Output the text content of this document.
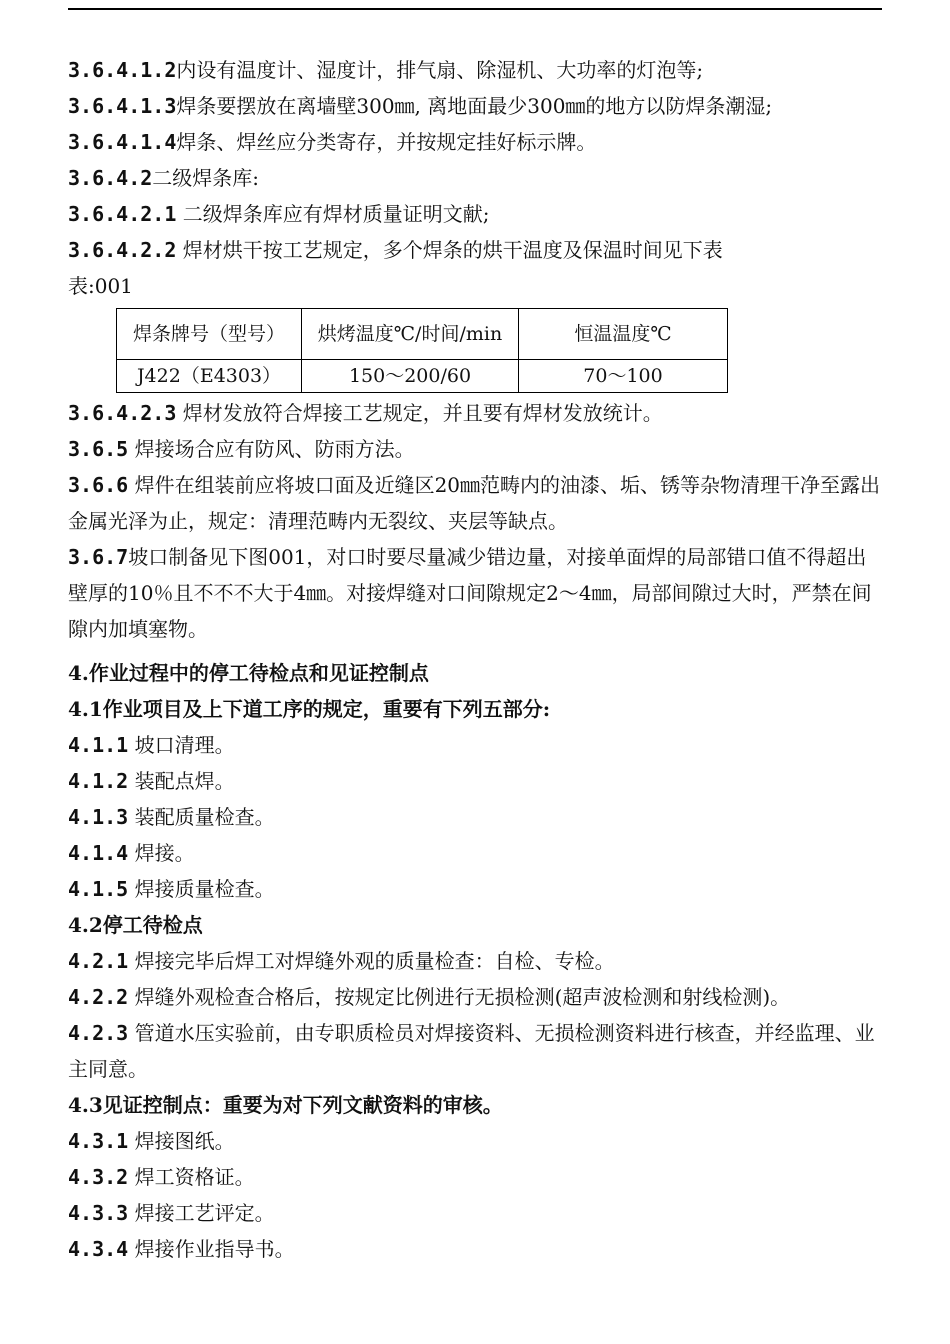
3.6.4.1.2内设有温度计、湿度计，排气扇、除湿机、大功率的灯泡等;
3.6.4.1.3焊条要摆放在离墙壁300㎜, 离地面最少300㎜的地方以防焊条潮湿;
3.6.4.1.4焊条、焊丝应分类寄存，并按规定挂好标示牌。
3.6.4.2二级焊条库:
3.6.4.2.1 二级焊条库应有焊材质量证明文献;
3.6.4.2.2 焊材烘干按工艺规定，多个焊条的烘干温度及保温时间见下表
表:001
焊条牌号（型号）	烘烤温度℃/时间/min	恒温温度℃
J422（E4303）	150～200/60	70～100
3.6.4.2.3 焊材发放符合焊接工艺规定，并且要有焊材发放统计。
3.6.5 焊接场合应有防风、防雨方法。
3.6.6 焊件在组装前应将坡口面及近缝区20㎜范畴内的油漆、垢、锈等杂物清理干净至露出金属光泽为止，规定：清理范畴内无裂纹、夹层等缺点。
3.6.7坡口制备见下图001，对口时要尽量减少错边量，对接单面焊的局部错口值不得超出壁厚的10％且不不不大于4㎜。对接焊缝对口间隙规定2～4㎜，局部间隙过大时，严禁在间隙内加填塞物。
4.作业过程中的停工待检点和见证控制点
4.1作业项目及上下道工序的规定，重要有下列五部分:
4.1.1 坡口清理。
4.1.2 装配点焊。
4.1.3 装配质量检查。
4.1.4 焊接。
4.1.5 焊接质量检查。
4.2停工待检点
4.2.1 焊接完毕后焊工对焊缝外观的质量检查：自检、专检。
4.2.2 焊缝外观检查合格后，按规定比例进行无损检测(超声波检测和射线检测)。
4.2.3 管道水压实验前，由专职质检员对焊接资料、无损检测资料进行核查，并经监理、业主同意。
4.3见证控制点：重要为对下列文献资料的审核。
4.3.1 焊接图纸。
4.3.2 焊工资格证。
4.3.3 焊接工艺评定。
4.3.4 焊接作业指导书。
